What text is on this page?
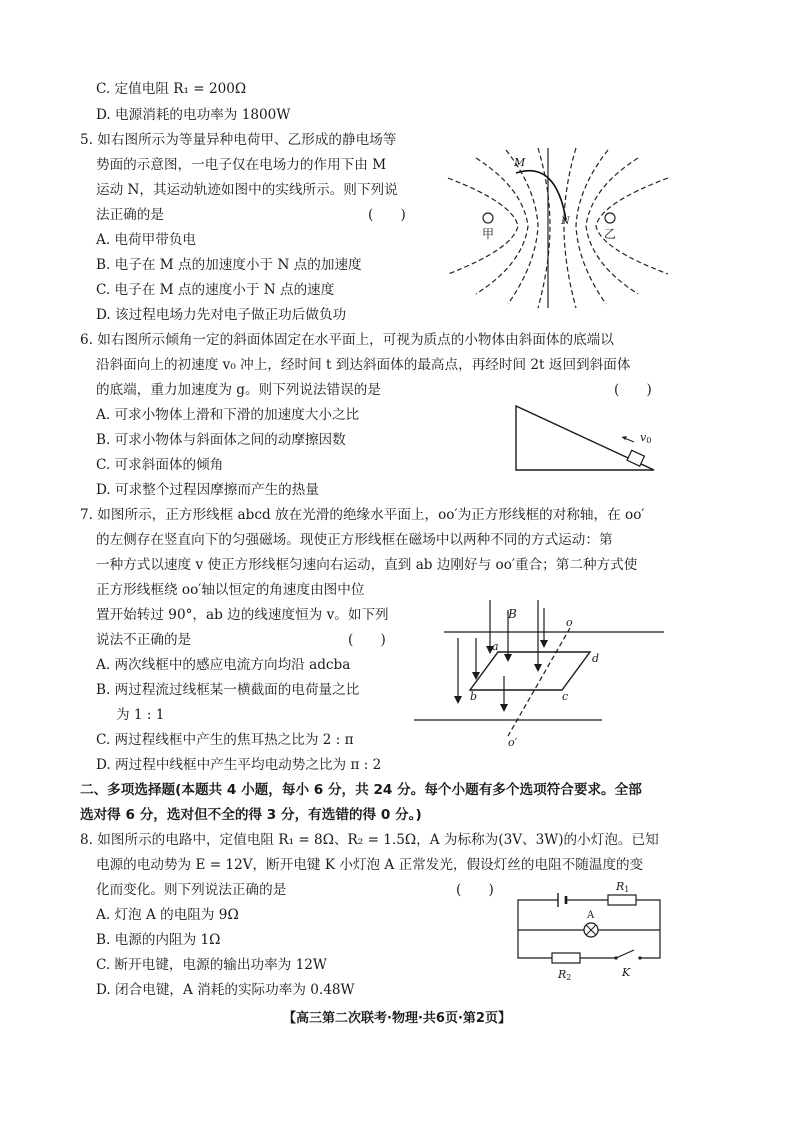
C. 定值电阻 R₁ = 200Ω
D. 电源消耗的电功率为 1800W
5. 如右图所示为等量异种电荷甲、乙形成的静电场等
势面的示意图，一电子仅在电场力的作用下由 M
运动 N，其运动轨迹如图中的实线所示。则下列说
法正确的是	(　　)
A. 电荷甲带负电
B. 电子在 M 点的加速度小于 N 点的加速度
C. 电子在 M 点的速度小于 N 点的速度
D. 该过程电场力先对电子做正功后做负功
M
N
甲	乙
6. 如右图所示倾角一定的斜面体固定在水平面上，可视为质点的小物体由斜面体的底端以
沿斜面向上的初速度 v₀ 冲上，经时间 t 到达斜面体的最高点，再经时间 2t 返回到斜面体
的底端，重力加速度为 g。则下列说法错误的是	(　　)
A. 可求小物体上滑和下滑的加速度大小之比
B. 可求小物体与斜面体之间的动摩擦因数
C. 可求斜面体的倾角
D. 可求整个过程因摩擦而产生的热量
v0
7. 如图所示，正方形线框 abcd 放在光滑的绝缘水平面上，oo′为正方形线框的对称轴，在 oo′
的左侧存在竖直向下的匀强磁场。现使正方形线框在磁场中以两种不同的方式运动：第
一种方式以速度 v 使正方形线框匀速向右运动，直到 ab 边刚好与 oo′重合；第二种方式使
正方形线框绕 oo′轴以恒定的角速度由图中位
置开始转过 90°，ab 边的线速度恒为 v。如下列
说法不正确的是	(　　)
A. 两次线框中的感应电流方向均沿 adcba
B. 两过程流过线框某一横截面的电荷量之比
为 1 : 1
C. 两过程线框中产生的焦耳热之比为 2 : π
D. 两过程中线框中产生平均电动势之比为 π : 2
B
o
o′
a
b	c
d
二、多项选择题(本题共 4 小题，每小 6 分，共 24 分。每个小题有多个选项符合要求。全部
选对得 6 分，选对但不全的得 3 分，有选错的得 0 分。)
8. 如图所示的电路中，定值电阻 R₁ = 8Ω、R₂ = 1.5Ω，A 为标称为(3V、3W)的小灯泡。已知
电源的电动势为 E = 12V，断开电键 K 小灯泡 A 正常发光，假设灯丝的电阻不随温度的变
化而变化。则下列说法正确的是	(　　)
A. 灯泡 A 的电阻为 9Ω
B. 电源的内阻为 1Ω
C. 断开电键，电源的输出功率为 12W
D. 闭合电键，A 消耗的实际功率为 0.48W
R1
A
R2	K
【高三第二次联考·物理·共6页·第2页】
